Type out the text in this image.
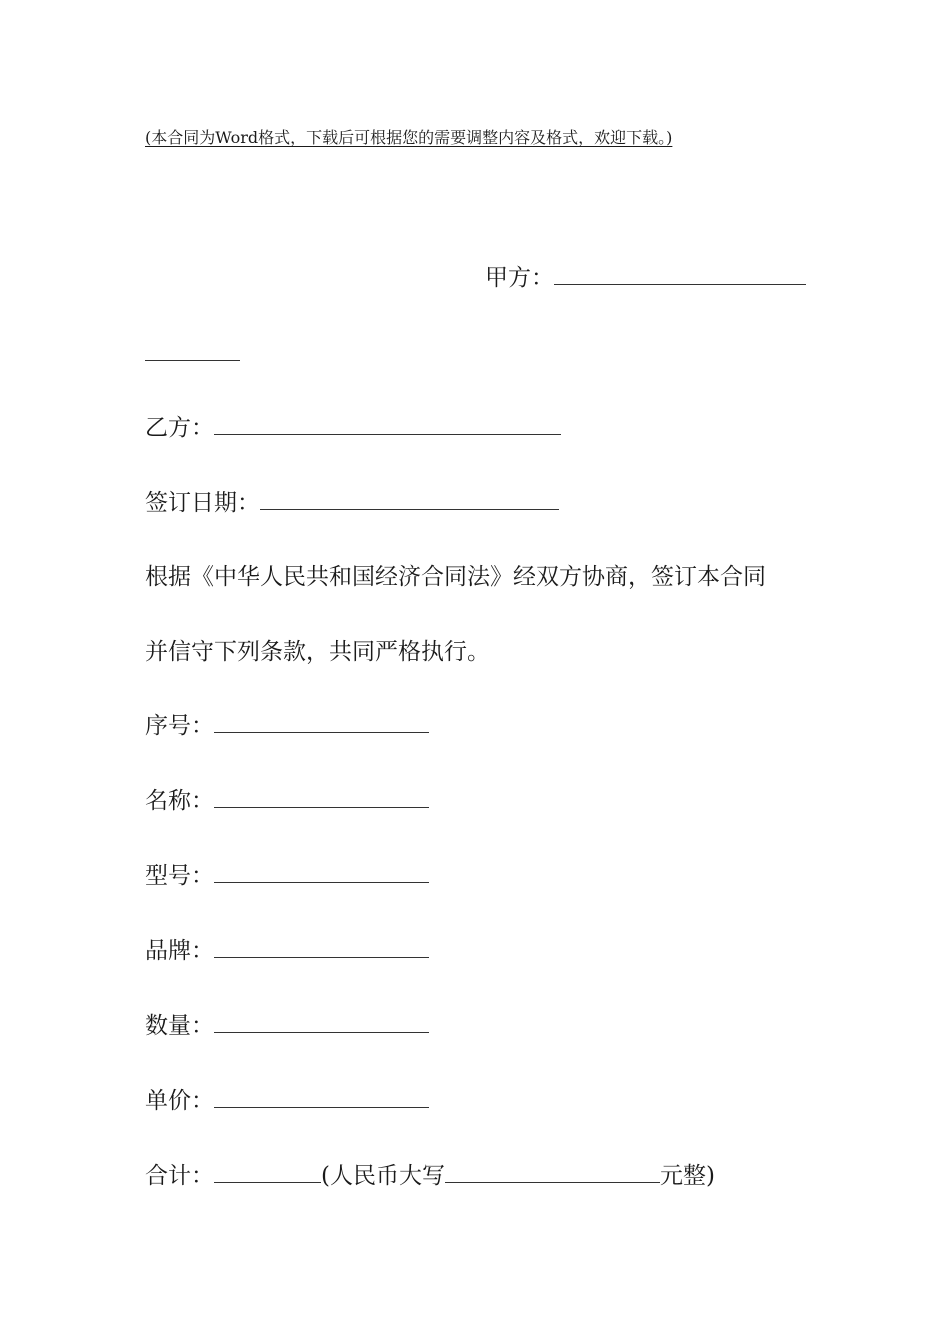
(本合同为Word格式，下载后可根据您的需要调整内容及格式，欢迎下载。)
甲方：
乙方：
签订日期：
根据《中华人民共和国经济合同法》经双方协商，签订本合同
并信守下列条款，共同严格执行。
序号：
名称：
型号：
品牌：
数量：
单价：
合计：	(人民币大写	元整)
